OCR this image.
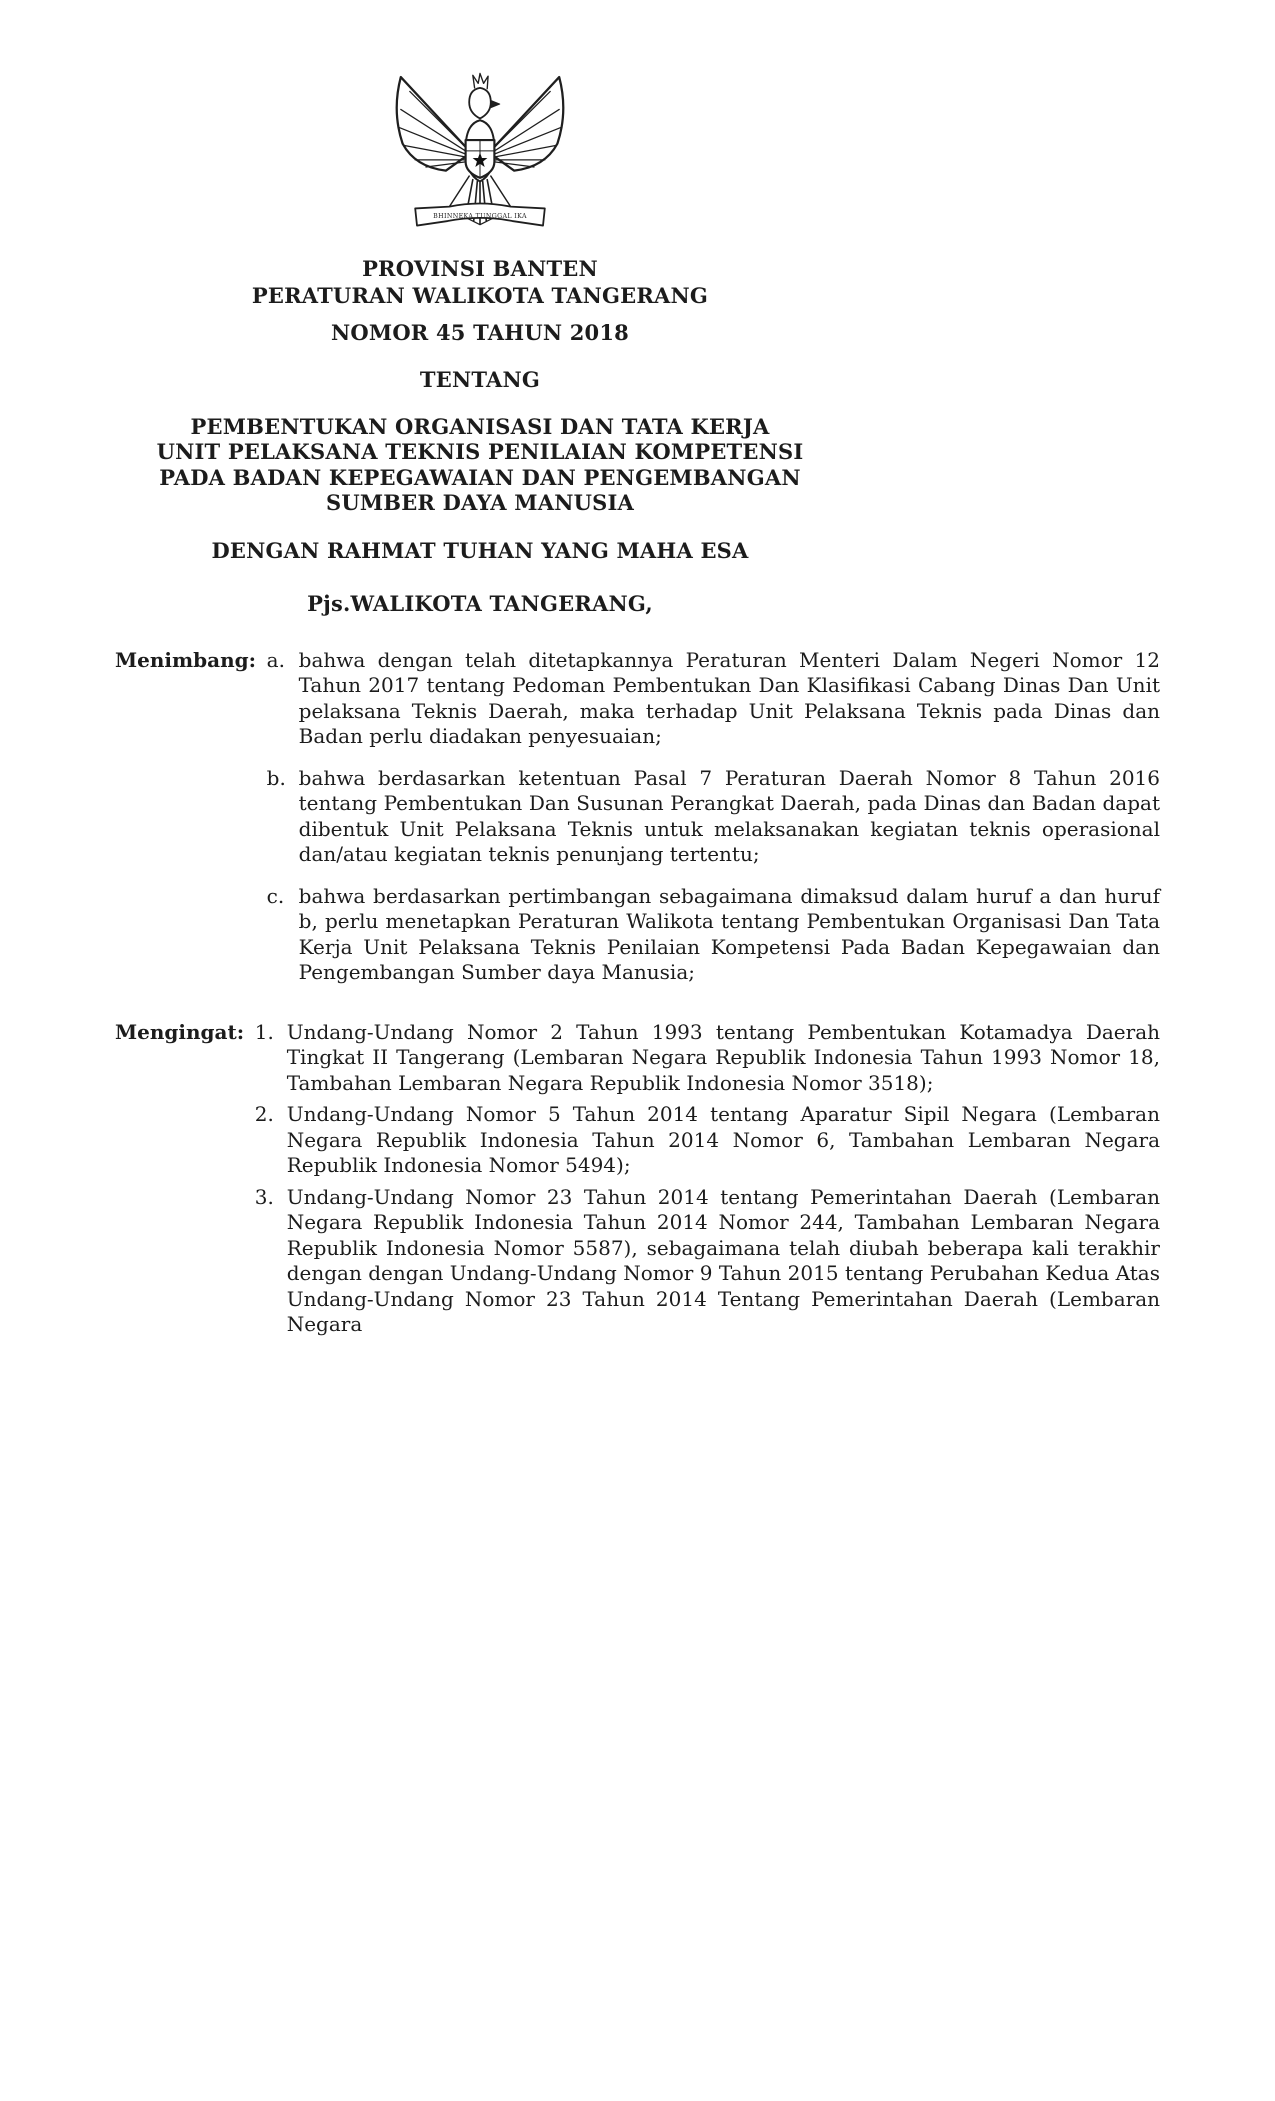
BHINNEKA TUNGGAL IKA
PROVINSI BANTEN
PERATURAN WALIKOTA TANGERANG
NOMOR 45 TAHUN 2018
TENTANG
PEMBENTUKAN ORGANISASI DAN TATA KERJA
UNIT PELAKSANA TEKNIS PENILAIAN KOMPETENSI
PADA BADAN KEPEGAWAIAN DAN PENGEMBANGAN
SUMBER DAYA MANUSIA
DENGAN RAHMAT TUHAN YANG MAHA ESA
Pjs.WALIKOTA TANGERANG,
Menimbang : a. bahwa dengan telah ditetapkannya Peraturan Menteri Dalam Negeri Nomor 12 Tahun 2017 tentang Pedoman Pembentukan Dan Klasifikasi Cabang Dinas Dan Unit pelaksana Teknis Daerah, maka terhadap Unit Pelaksana Teknis pada Dinas dan Badan perlu diadakan penyesuaian;
b. bahwa berdasarkan ketentuan Pasal 7 Peraturan Daerah Nomor 8 Tahun 2016 tentang Pembentukan Dan Susunan Perangkat Daerah, pada Dinas dan Badan dapat dibentuk Unit Pelaksana Teknis untuk melaksanakan kegiatan teknis operasional dan/atau kegiatan teknis penunjang tertentu;
c. bahwa berdasarkan pertimbangan sebagaimana dimaksud dalam huruf a dan huruf b, perlu menetapkan Peraturan Walikota tentang Pembentukan Organisasi Dan Tata Kerja Unit Pelaksana Teknis Penilaian Kompetensi Pada Badan Kepegawaian dan Pengembangan Sumber daya Manusia;
Mengingat : 1. Undang-Undang Nomor 2 Tahun 1993 tentang Pembentukan Kotamadya Daerah Tingkat II Tangerang (Lembaran Negara Republik Indonesia Tahun 1993 Nomor 18, Tambahan Lembaran Negara Republik Indonesia Nomor 3518);
2. Undang-Undang Nomor 5 Tahun 2014 tentang Aparatur Sipil Negara (Lembaran Negara Republik Indonesia Tahun 2014 Nomor 6, Tambahan Lembaran Negara Republik Indonesia Nomor 5494);
3. Undang-Undang Nomor 23 Tahun 2014 tentang Pemerintahan Daerah (Lembaran Negara Republik Indonesia Tahun 2014 Nomor 244, Tambahan Lembaran Negara Republik Indonesia Nomor 5587), sebagaimana telah diubah beberapa kali terakhir dengan dengan Undang-Undang Nomor 9 Tahun 2015 tentang Perubahan Kedua Atas Undang-Undang Nomor 23 Tahun 2014 Tentang Pemerintahan Daerah (Lembaran Negara
